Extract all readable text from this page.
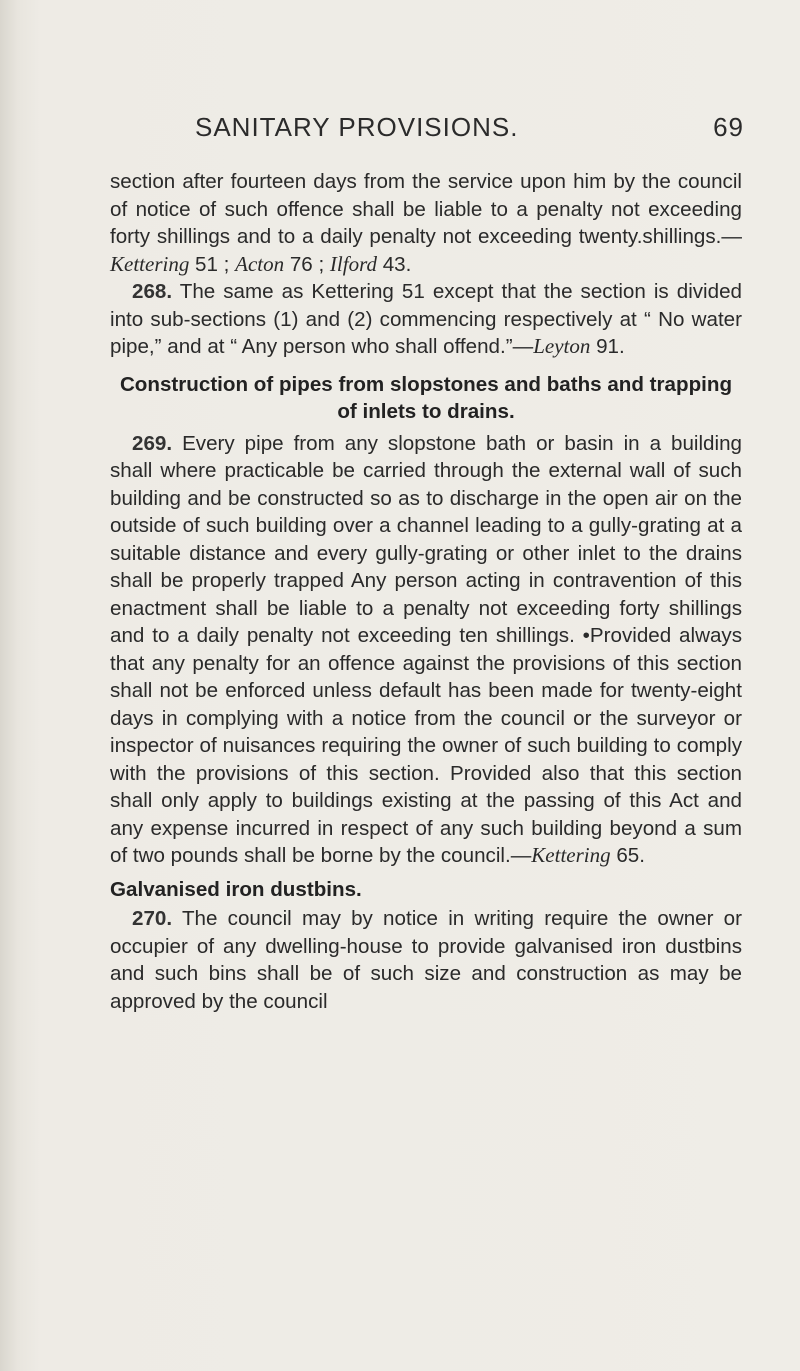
SANITARY PROVISIONS.	69

section after fourteen days from the service upon him by the council of notice of such offence shall be liable to a penalty not exceeding forty shillings and to a daily penalty not exceeding twenty.shillings.—Kettering 51 ; Acton 76 ; Ilford 43.

268. The same as Kettering 51 except that the section is divided into sub-sections (1) and (2) commencing respectively at “ No water pipe,” and at “ Any person who shall offend.”—Leyton 91.

Construction of pipes from slopstones and baths and trapping of inlets to drains.

269. Every pipe from any slopstone bath or basin in a building shall where practicable be carried through the external wall of such building and be constructed so as to discharge in the open air on the outside of such building over a channel leading to a gully-grating at a suitable distance and every gully-grating or other inlet to the drains shall be properly trapped Any person acting in contravention of this enactment shall be liable to a penalty not exceeding forty shillings and to a daily penalty not exceeding ten shillings. •Provided always that any penalty for an offence against the provisions of this section shall not be enforced unless default has been made for twenty-eight days in complying with a notice from the council or the surveyor or inspector of nuisances requiring the owner of such building to comply with the provisions of this section. Provided also that this section shall only apply to buildings existing at the passing of this Act and any expense incurred in respect of any such building beyond a sum of two pounds shall be borne by the council.—Kettering 65.

Galvanised iron dustbins.

270. The council may by notice in writing require the owner or occupier of any dwelling-house to provide galvanised iron dustbins and such bins shall be of such size and construction as may be approved by the council
